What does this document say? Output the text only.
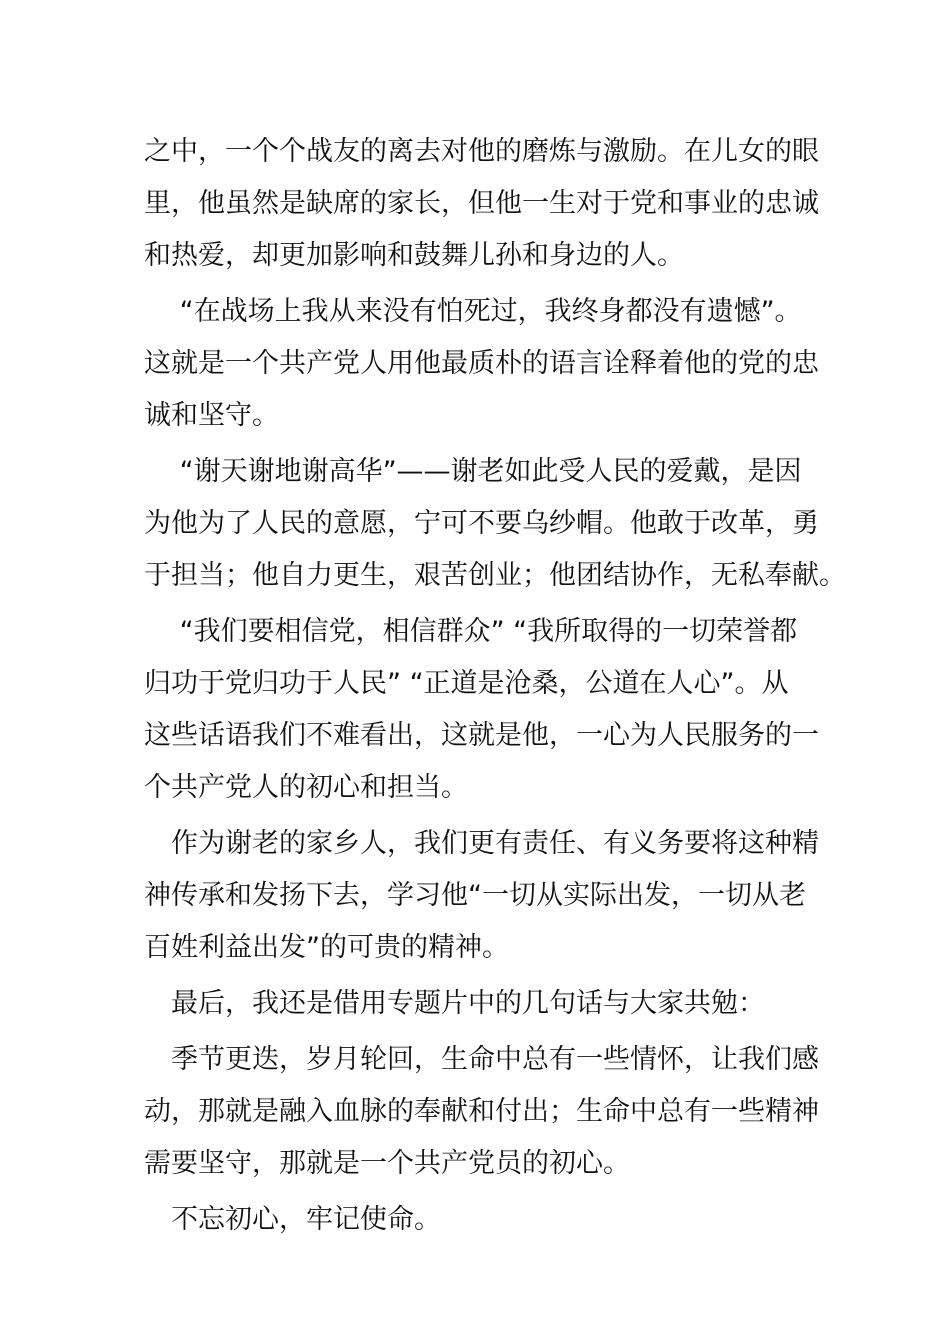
之中，一个个战友的离去对他的磨炼与激励。在儿女的眼
里，他虽然是缺席的家长，但他一生对于党和事业的忠诚
和热爱，却更加影响和鼓舞儿孙和身边的人。
　 “在战场上我从来没有怕死过，我终身都没有遗憾”。
这就是一个共产党人用他最质朴的语言诠释着他的党的忠
诚和坚守。
　 “谢天谢地谢高华”——谢老如此受人民的爱戴，是因
为他为了人民的意愿，宁可不要乌纱帽。他敢于改革，勇
于担当；他自力更生，艰苦创业；他团结协作，无私奉献。
　 “我们要相信党，相信群众” “我所取得的一切荣誉都
归功于党归功于人民” “正道是沧桑，公道在人心”。从
这些话语我们不难看出，这就是他，一心为人民服务的一
个共产党人的初心和担当。
　作为谢老的家乡人，我们更有责任、有义务要将这种精
神传承和发扬下去，学习他“一切从实际出发，一切从老
百姓利益出发”的可贵的精神。
　最后，我还是借用专题片中的几句话与大家共勉：
　季节更迭，岁月轮回，生命中总有一些情怀，让我们感
动，那就是融入血脉的奉献和付出；生命中总有一些精神
需要坚守，那就是一个共产党员的初心。
　不忘初心，牢记使命。
